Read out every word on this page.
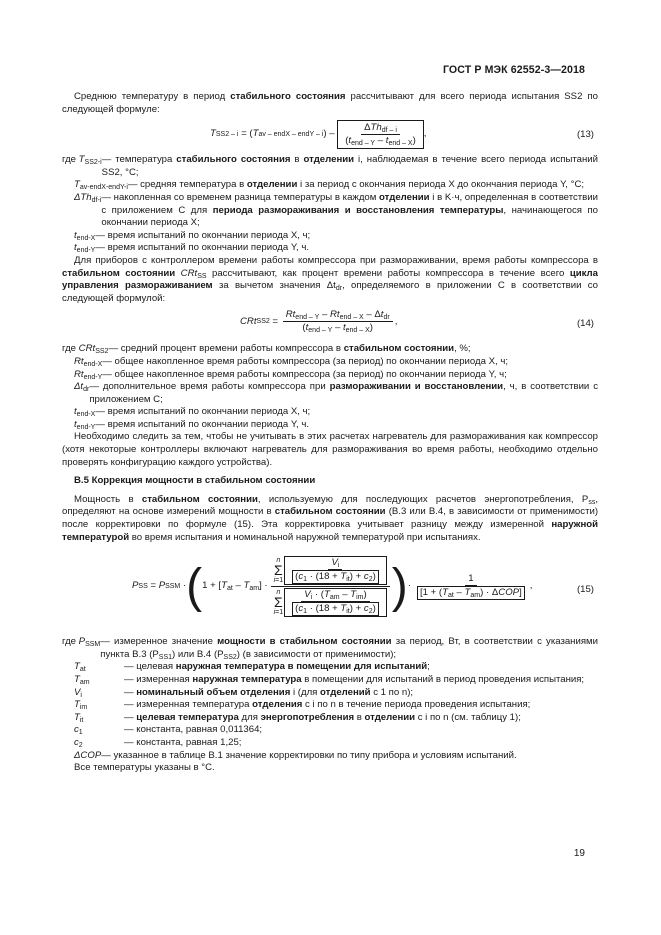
ГОСТ Р МЭК 62552-3—2018

Среднюю температуру в период стабильного состояния рассчитывают для всего периода испытания SS2 по следующей формуле:

T SS2 – i = ( T av – endX – endY – i ) – $\frac{\Delta Th_{df - i}}{(t_{end - Y} - t_{end - X})}$ ,	(13)
где $T_{SS2-i}$ — температура стабильного состояния в отделении i, наблюдаемая в течение всего периода испытаний SS2, °C;
$T_{av-endX-endY-i}$ — средняя температура в отделении i за период с окончания периода X до окончания периода Y, °C;
ΔTh$_{df-i}$ — накопленная со временем разница температуры в каждом отделении i в K·ч, определенная в соответствии с приложением C для периода размораживания и восстановления температуры, начинающегося по окончании периода X;
$t_{end-X}$ — время испытаний по окончании периода X, ч;
$t_{end-Y}$ — время испытаний по окончании периода Y, ч.

Для приборов с контроллером времени работы компрессора при размораживании, время работы компрессора в стабильном состоянии CRt$_{SS}$ рассчитывают, как процент времени работы компрессора в течение всего цикла управления размораживанием за вычетом значения $\Delta t_{dr}$, определяемого в приложении C в соответствии со следующей формулой:

CRt $SS2 = \frac{Rt_{end - Y} - Rt_{end - X} - \Delta t_{dr}}{(t_{end - Y} - t_{end - X})}$ ,	(14)
где CRt$_{SS2}$ — средний процент времени работы компрессора в стабильном состоянии, %;
$Rt_{end-X}$ — общее накопленное время работы компрессора (за период) по окончании периода X, ч;
$Rt_{end-Y}$ — общее накопленное время работы компрессора (за период) по окончании периода Y, ч;
$\Delta t_{dr}$ — дополнительное время работы компрессора при размораживании и восстановлении, ч, в соответствии с приложением C;
$t_{end-X}$ — время испытаний по окончании периода X, ч;
$t_{end-Y}$ — время испытаний по окончании периода Y, ч.

Необходимо следить за тем, чтобы не учитывать в этих расчетах нагреватель для размораживания как компрессор (хотя некоторые контроллеры включают нагреватель для размораживания во время работы, необходимо отдельно проверять конфигурацию каждого устройства).

B.5 Коррекция мощности в стабильном состоянии

Мощность в стабильном состоянии, используемую для последующих расчетов энергопотребления, $P_{ss}$, определяют на основе измерений мощности в стабильном состоянии (B.3 или B.4, в зависимости от применимости) после корректировки по формуле (15). Эта корректировка учитывает разницу между измеренной наружной температурой во время испытания и номинальной наружной температурой при испытаниях.

P SS = P SSM · ( $1 + [T_{at} - T_{am}] \cdot n$
Σ
$i=1 \frac{V_i}{(c_1 \cdot (18 + T_{it}) + c_2)}$
n
Σ
$i=1 \frac{V_i \cdot (T_{am} - T_{im})}{(c_1 \cdot (18 + T_{it}) + c_2)}$ ) · $\frac{1}{[1 + (T_{at} - T_{am}) \cdot \Delta COP]}$ ,	(15)
где $P_{SSM}$ — измеренное значение мощности в стабильном состоянии за период, Вт, в соответствии с указаниями пункта B.3 $(P_{SS1})$ или B.4 $(P_{SS2})$ (в зависимости от применимости);
$T_{at}$	— целевая наружная температура в помещении для испытаний;
$T_{am}$	— измеренная наружная температура в помещении для испытаний в период проведения испытания;
$V_i$	— номинальный объем отделения i (для отделений с 1 по n);
$T_{im}$	— измеренная температура отделения с i по n в течение периода проведения испытания;
$T_{it}$	— целевая температура для энергопотребления в отделении с i по n (см. таблицу 1);
$c_1$	— константа, равная 0,011364;
$c_2$	— константа, равная 1,25;
ΔCOP — указанное в таблице B.1 значение корректировки по типу прибора и условиям испытаний.

Все температуры указаны в °C.

19
